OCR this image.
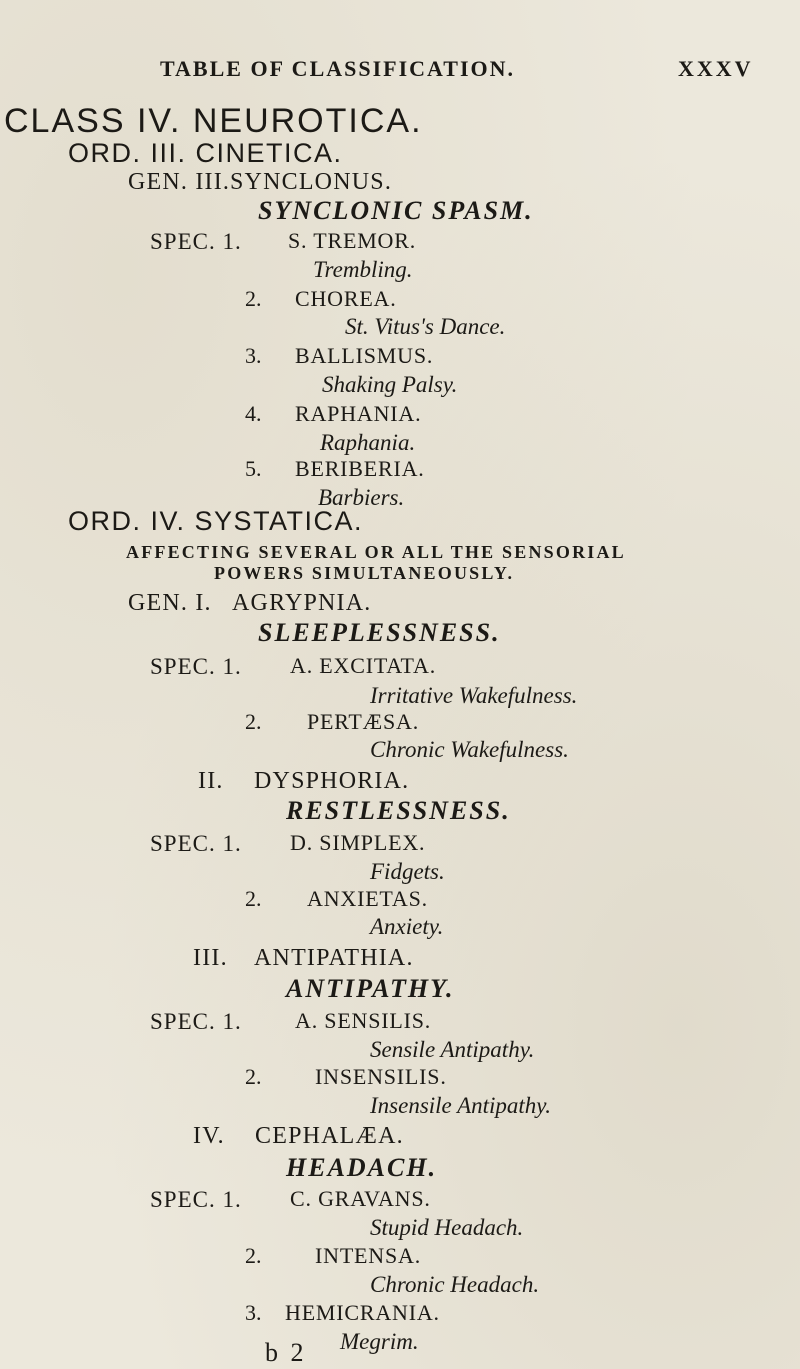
TABLE OF CLASSIFICATION.	XXXV
CLASS IV. NEUROTICA.
ORD. III. CINETICA.
GEN. III. SYNCLONUS.
SYNCLONIC SPASM.
SPEC. 1. S. TREMOR.
Trembling.
2. CHOREA.
St. Vitus's Dance.
3. BALLISMUS.
Shaking Palsy.
4. RAPHANIA.
Raphania.
5. BERIBERIA.
Barbiers.
ORD. IV. SYSTATICA.
AFFECTING SEVERAL OR ALL THE SENSORIAL
POWERS SIMULTANEOUSLY.
GEN. I. AGRYPNIA.
SLEEPLESSNESS.
SPEC. 1. A. EXCITATA.
Irritative Wakefulness.
2. PERTÆSA.
Chronic Wakefulness.
II. DYSPHORIA.
RESTLESSNESS.
SPEC. 1. D. SIMPLEX.
Fidgets.
2. ANXIETAS.
Anxiety.
III. ANTIPATHIA.
ANTIPATHY.
SPEC. 1. A. SENSILIS.
Sensile Antipathy.
2. INSENSILIS.
Insensile Antipathy.
IV. CEPHALÆA.
HEADACH.
SPEC. 1. C. GRAVANS.
Stupid Headach.
2. INTENSA.
Chronic Headach.
3. HEMICRANIA.
Megrim.
b 2
